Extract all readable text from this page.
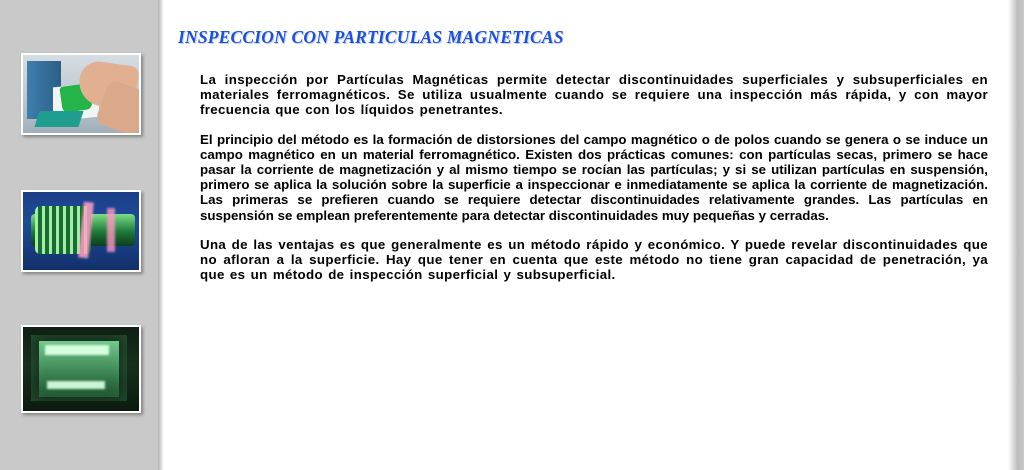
INSPECCION CON PARTICULAS MAGNETICAS

La inspección por Partículas Magnéticas permite detectar discontinuidades superficiales y subsuperficiales en materiales ferromagnéticos. Se utiliza usualmente cuando se requiere una inspección más rápida, y con mayor frecuencia que con los líquidos penetrantes.

El principio del método es la formación de distorsiones del campo magnético o de polos cuando se genera o se induce un campo magnético en un material ferromagnético. Existen dos prácticas comunes: con partículas secas, primero se hace pasar la corriente de magnetización y al mismo tiempo se rocían las partículas; y si se utilizan partículas en suspensión, primero se aplica la solución sobre la superficie a inspeccionar e inmediatamente se aplica la corriente de magnetización. Las primeras se prefieren cuando se requiere detectar discontinuidades relativamente grandes. Las partículas en suspensión se emplean preferentemente para detectar discontinuidades muy pequeñas y cerradas.

Una de las ventajas es que generalmente es un método rápido y económico. Y puede revelar discontinuidades que no afloran a la superficie. Hay que tener en cuenta que este método no tiene gran capacidad de penetración, ya que es un método de inspección superficial y subsuperficial.
